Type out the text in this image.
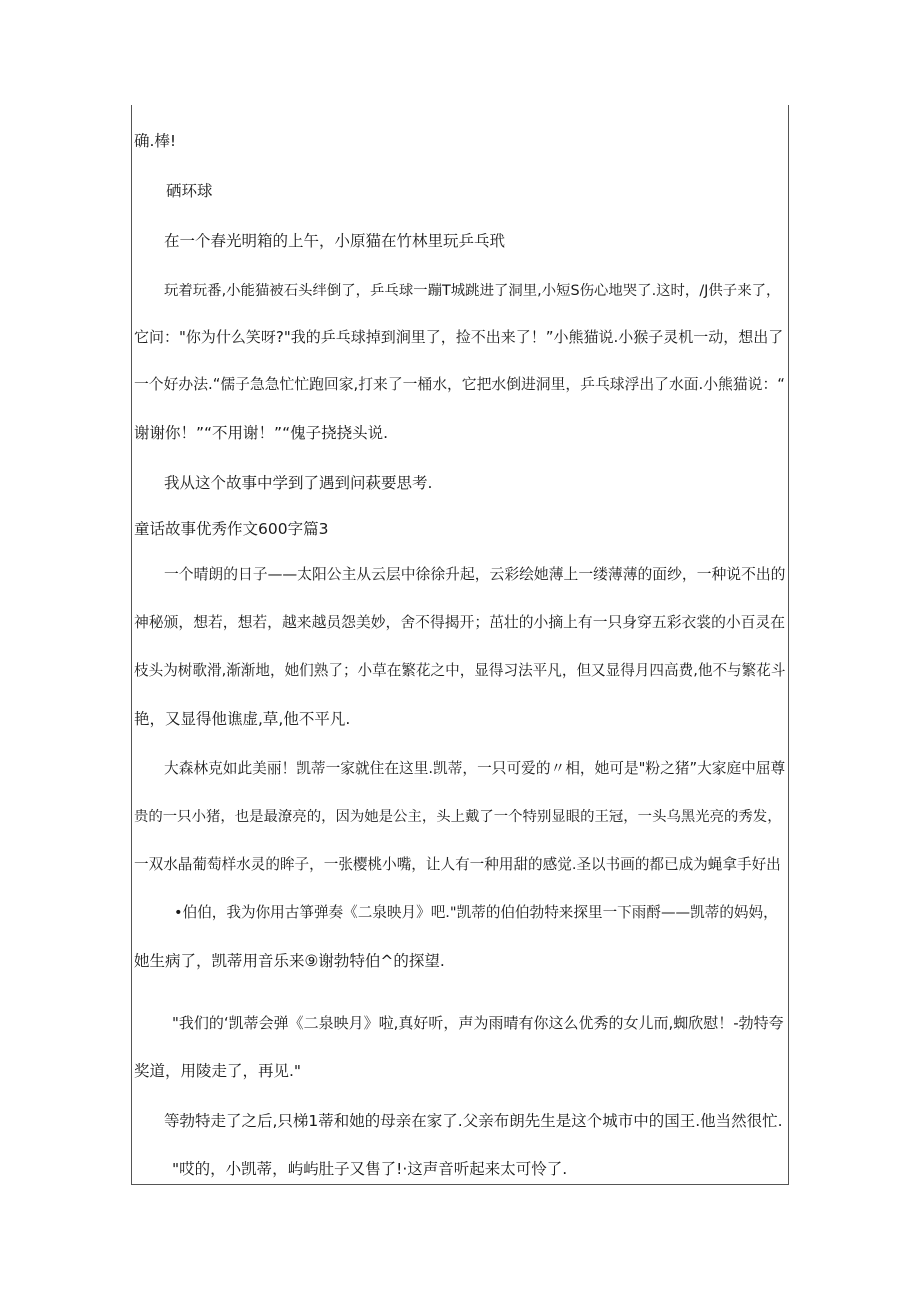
确.棒!

硒环球

在一个春光明箱的上午，小原猫在竹林里玩乒乓玳

玩着玩番,小能猫被石头绊倒了，乒乓球一蹦T城跳进了洞里,小短S伤心地哭了.这时，/J供子来了，

它问："你为什么笑呀?"我的乒乓球掉到涧里了，捡不出来了！”小熊猫说.小猴子灵机一动，想出了

一个好办法.“儒子急急忙忙跑回家,打来了一桶水，它把水倒进洞里，乒乓球浮出了水面.小熊猫说：“

谢谢你！”“不用谢！”“傀子挠挠头说.

我从这个故事中学到了遇到问萩要思考.

童话故事优秀作文600字篇3

一个晴朗的日子——太阳公主从云层中徐徐升起，云彩绘她薄上一缕薄薄的面纱，一种说不出的

神秘颁，想若，想若，越来越员怨美妙，舍不得揭开；茁壮的小摘上有一只身穿五彩衣裳的小百灵在

枝头为树歌滑,渐渐地，她们熟了；小草在繁花之中，显得习法平凡，但又显得月四高费,他不与繁花斗

艳，又显得他谯虚,草,他不平凡.

大森林克如此美丽！凯蒂一家就住在这里.凯蒂，一只可爱的〃相，她可是"粉之猪”大家庭中屈尊

贵的一只小猪，也是最潦亮的，因为她是公主，头上戴了一个特别显眼的王冠，一头乌黑光亮的秀发，

一双水晶葡萄样水灵的眸子，一张樱桃小嘴，让人有一种用甜的感觉.圣以书画的都已成为蝇拿手好出

•伯伯，我为你用古箏弹奏《二泉映月》吧."凯蒂的伯伯勃特来探里一下雨酹——凯蒂的妈妈，

她生病了，凯蒂用音乐来⑨谢勃特伯^的探望.

"我们的‘凯蒂会弹《二泉映月》啦,真好听，声为雨晴有你这么优秀的女儿而,蜘欣慰！-勃特夸

奖道，用陵走了，再见."

等勃特走了之后,只梯1蒂和她的母亲在家了.父亲布朗先生是这个城市中的国王.他当然很忙.

"哎的，小凯蒂，屿屿肚子又售了!·这声音听起来太可怜了.
